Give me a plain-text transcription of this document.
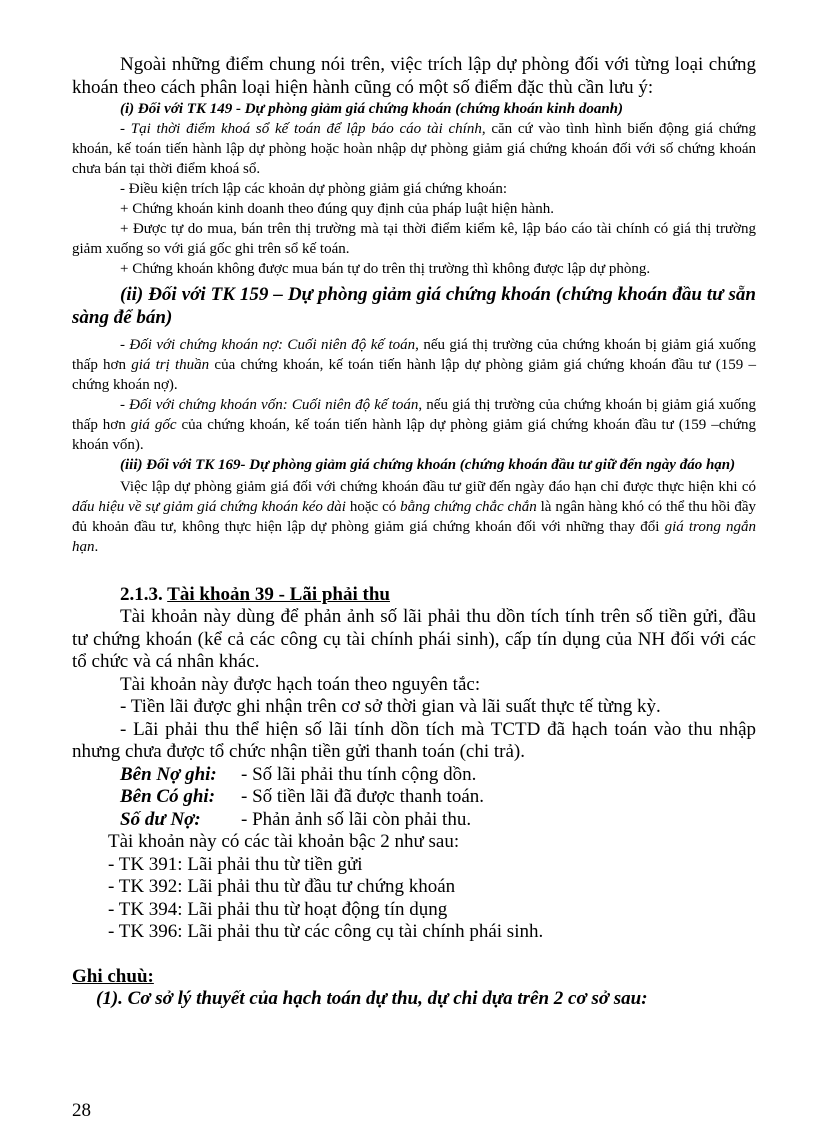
Ngoài những điểm chung nói trên, việc trích lập dự phòng đối với từng loại chứng khoán theo cách phân loại hiện hành cũng có một số điểm đặc thù cần lưu ý:

(i) Đối với TK 149 - Dự phòng giảm giá chứng khoán (chứng khoán kinh doanh)

- Tại thời điểm khoá sổ kế toán để lập báo cáo tài chính, căn cứ vào tình hình biến động giá chứng khoán, kế toán tiến hành lập dự phòng hoặc hoàn nhập dự phòng giảm giá chứng khoán đối với số chứng khoán chưa bán tại thời điểm khoá sổ.

- Điều kiện trích lập các khoản dự phòng giảm giá chứng khoán:

+ Chứng khoán kinh doanh theo đúng quy định của pháp luật hiện hành.

+ Được tự do mua, bán trên thị trường mà tại thời điểm kiểm kê, lập báo cáo tài chính có giá thị trường giảm xuống so với giá gốc ghi trên sổ kế toán.

+ Chứng khoán không được mua bán tự do trên thị trường thì không được lập dự phòng.

(ii) Đối với TK 159 – Dự phòng giảm giá chứng khoán (chứng khoán đầu tư sẵn sàng để bán)

- Đối với chứng khoán nợ: Cuối niên độ kế toán, nếu giá thị trường của chứng khoán bị giảm giá xuống thấp hơn giá trị thuần của chứng khoán, kế toán tiến hành lập dự phòng giảm giá chứng khoán đầu tư (159 –chứng khoán nợ).

- Đối với chứng khoán vốn: Cuối niên độ kế toán, nếu giá thị trường của chứng khoán bị giảm giá xuống thấp hơn giá gốc của chứng khoán, kế toán tiến hành lập dự phòng giảm giá chứng khoán đầu tư (159 –chứng khoán vốn).

(iii) Đối với TK 169- Dự phòng giảm giá chứng khoán (chứng khoán đầu tư giữ đến ngày đáo hạn)

Việc lập dự phòng giảm giá đối với chứng khoán đầu tư giữ đến ngày đáo hạn chỉ được thực hiện khi có dấu hiệu về sự giảm giá chứng khoán kéo dài hoặc có bằng chứng chắc chắn là ngân hàng khó có thể thu hồi đầy đủ khoản đầu tư, không thực hiện lập dự phòng giảm giá chứng khoán đối với những thay đổi giá trong ngắn hạn.

2.1.3. Tài khoản 39 - Lãi phải thu

Tài khoản này dùng để phản ảnh số lãi phải thu dồn tích tính trên số tiền gửi, đầu tư chứng khoán (kể cả các công cụ tài chính phái sinh), cấp tín dụng của NH đối với các tổ chức và cá nhân khác.

Tài khoản này được hạch toán theo nguyên tắc:

- Tiền lãi được ghi nhận trên cơ sở thời gian và lãi suất thực tế từng kỳ.

- Lãi phải thu thể hiện số lãi tính dồn tích mà TCTD đã hạch toán vào thu nhập nhưng chưa được tổ chức nhận tiền gửi thanh toán (chi trả).

Bên Nợ ghi:	- Số lãi phải thu tính cộng dồn.
Bên Có ghi:	- Số tiền lãi đã được thanh toán.
Số dư Nợ:	- Phản ảnh số lãi còn phải thu.

Tài khoản này có các tài khoản bậc 2 như sau:

- TK 391: Lãi phải thu từ tiền gửi

- TK 392: Lãi phải thu từ đầu tư chứng khoán

- TK 394: Lãi phải thu từ hoạt động tín dụng

- TK 396: Lãi phải thu từ các công cụ tài chính phái sinh.

Ghi chuù:

(1). Cơ sở lý thuyết của hạch toán dự thu, dự chi dựa trên 2 cơ sở sau:

28
